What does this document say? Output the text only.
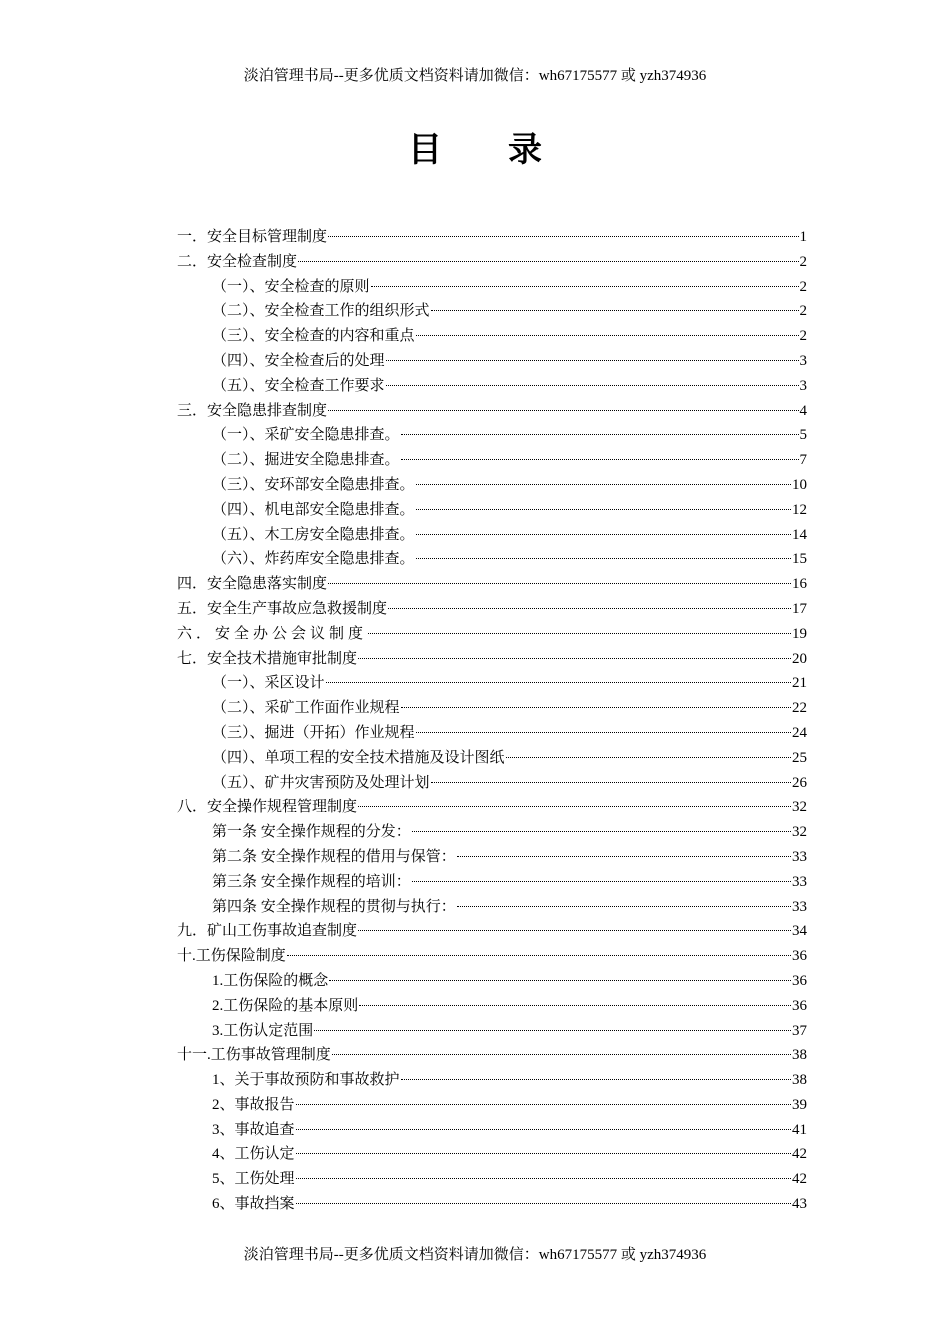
淡泊管理书局--更多优质文档资料请加微信：wh67175577 或 yzh374936
目录
一．安全目标管理制度	1
二．安全检查制度	2
（一）、安全检查的原则	2
（二）、安全检查工作的组织形式	2
（三）、安全检查的内容和重点	2
（四）、安全检查后的处理	3
（五）、安全检查工作要求	3
三．安全隐患排查制度	4
（一）、采矿安全隐患排查。	5
（二）、掘进安全隐患排查。	7
（三）、安环部安全隐患排查。	10
（四）、机电部安全隐患排查。	12
（五）、木工房安全隐患排查。	14
（六）、炸药库安全隐患排查。	15
四．安全隐患落实制度	16
五．安全生产事故应急救援制度	17
六．安全办公会议制度	19
七．安全技术措施审批制度	20
（一）、采区设计	21
（二）、采矿工作面作业规程	22
（三）、掘进（开拓）作业规程	24
（四）、单项工程的安全技术措施及设计图纸	25
（五）、矿井灾害预防及处理计划	26
八．安全操作规程管理制度	32
第一条 安全操作规程的分发：	32
第二条 安全操作规程的借用与保管：	33
第三条 安全操作规程的培训：	33
第四条 安全操作规程的贯彻与执行：	33
九．矿山工伤事故追查制度	34
十.工伤保险制度	36
1.工伤保险的概念	36
2.工伤保险的基本原则	36
3.工伤认定范围	37
十一.工伤事故管理制度	38
1、关于事故预防和事故救护	38
2、事故报告	39
3、事故追查	41
4、工伤认定	42
5、工伤处理	42
6、事故挡案	43
淡泊管理书局--更多优质文档资料请加微信：wh67175577 或 yzh374936
